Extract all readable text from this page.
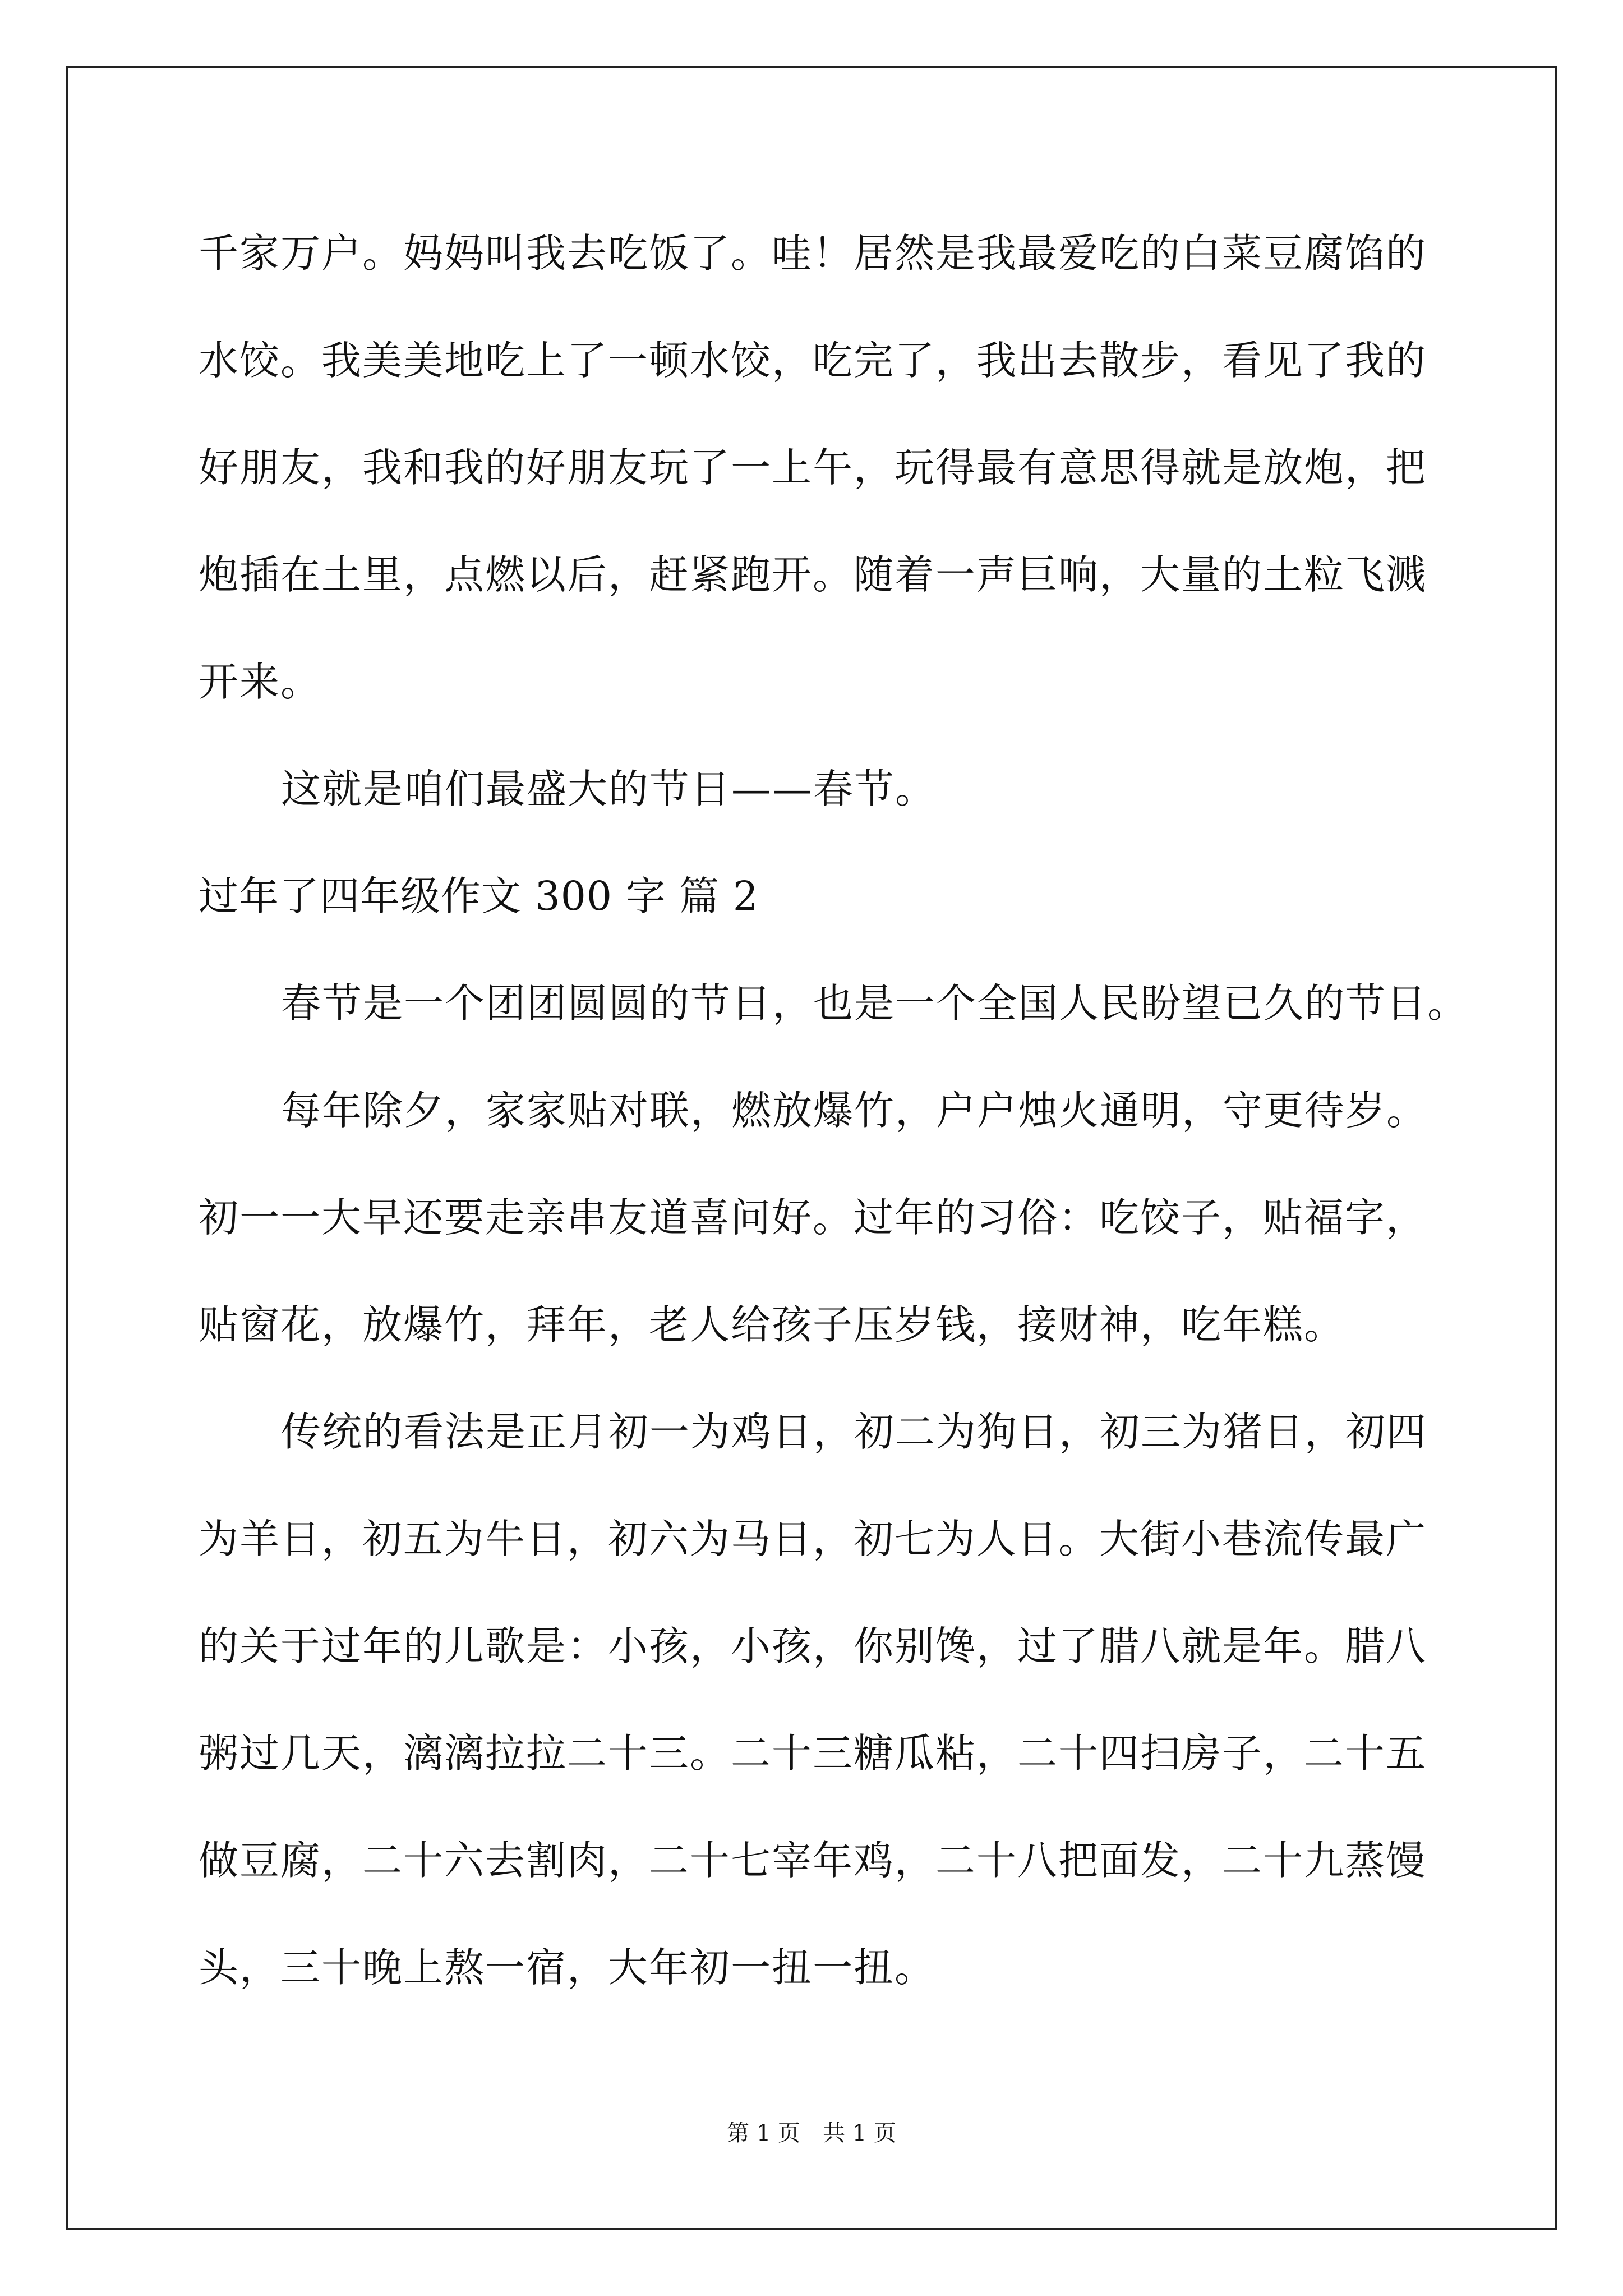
千家万户。妈妈叫我去吃饭了。哇！居然是我最爱吃的白菜豆腐馅的
水饺。我美美地吃上了一顿水饺，吃完了，我出去散步，看见了我的
好朋友，我和我的好朋友玩了一上午，玩得最有意思得就是放炮，把
炮插在土里，点燃以后，赶紧跑开。随着一声巨响，大量的土粒飞溅
开来。
这就是咱们最盛大的节日——春节。
过年了四年级作文 300 字 篇 2
春节是一个团团圆圆的节日，也是一个全国人民盼望已久的节日。
每年除夕，家家贴对联，燃放爆竹，户户烛火通明，守更待岁。
初一一大早还要走亲串友道喜问好。过年的习俗：吃饺子，贴福字，
贴窗花，放爆竹，拜年，老人给孩子压岁钱，接财神，吃年糕。
传统的看法是正月初一为鸡日，初二为狗日，初三为猪日，初四
为羊日，初五为牛日，初六为马日，初七为人日。大街小巷流传最广
的关于过年的儿歌是：小孩，小孩，你别馋，过了腊八就是年。腊八
粥过几天，漓漓拉拉二十三。二十三糖瓜粘，二十四扫房子，二十五
做豆腐，二十六去割肉，二十七宰年鸡，二十八把面发，二十九蒸馒
头，三十晚上熬一宿，大年初一扭一扭。
第 1 页　共 1 页
